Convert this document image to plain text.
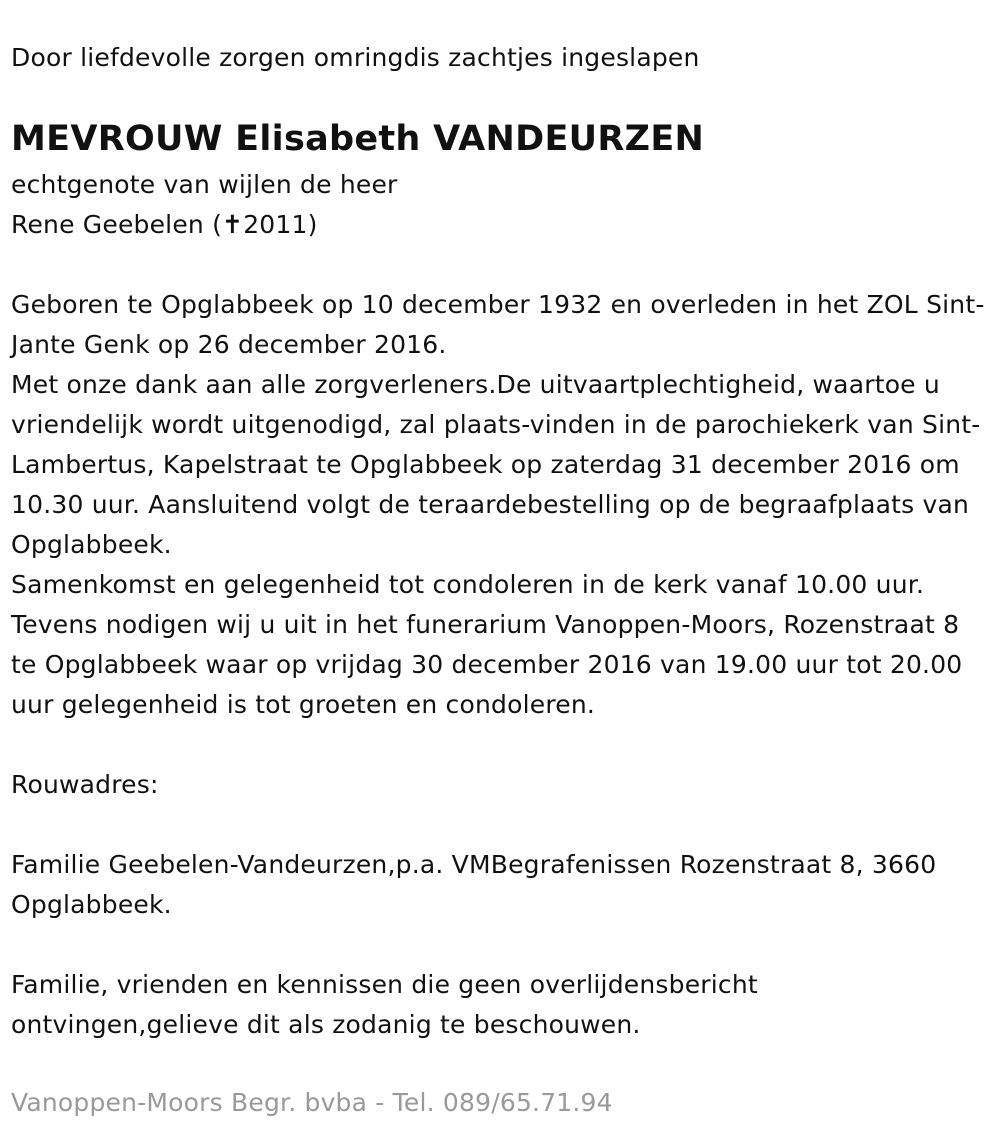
Door liefdevolle zorgen omringdis zachtjes ingeslapen

MEVROUW Elisabeth VANDEURZEN

echtgenote van wijlen de heer

Rene Geebelen (✝2011)

Geboren te Opglabbeek op 10 december 1932 en overleden in het ZOL Sint-Jante Genk op 26 december 2016.

Met onze dank aan alle zorgverleners.De uitvaartplechtigheid, waartoe u vriendelijk wordt uitgenodigd, zal plaats-vinden in de parochiekerk van Sint-Lambertus, Kapelstraat te Opglabbeek op zaterdag 31 december 2016 om 10.30 uur. Aansluitend volgt de teraardebestelling op de begraafplaats van Opglabbeek.

Samenkomst en gelegenheid tot condoleren in de kerk vanaf 10.00 uur.

Tevens nodigen wij u uit in het funerarium Vanoppen-Moors, Rozenstraat 8 te Opglabbeek waar op vrijdag 30 december 2016 van 19.00 uur tot 20.00 uur gelegenheid is tot groeten en condoleren.

Rouwadres:

Familie Geebelen-Vandeurzen,p.a. VMBegrafenissen Rozenstraat 8, 3660 Opglabbeek.

Familie, vrienden en kennissen die geen overlijdensbericht ontvingen,gelieve dit als zodanig te beschouwen.

Vanoppen-Moors Begr. bvba - Tel. 089/65.71.94
